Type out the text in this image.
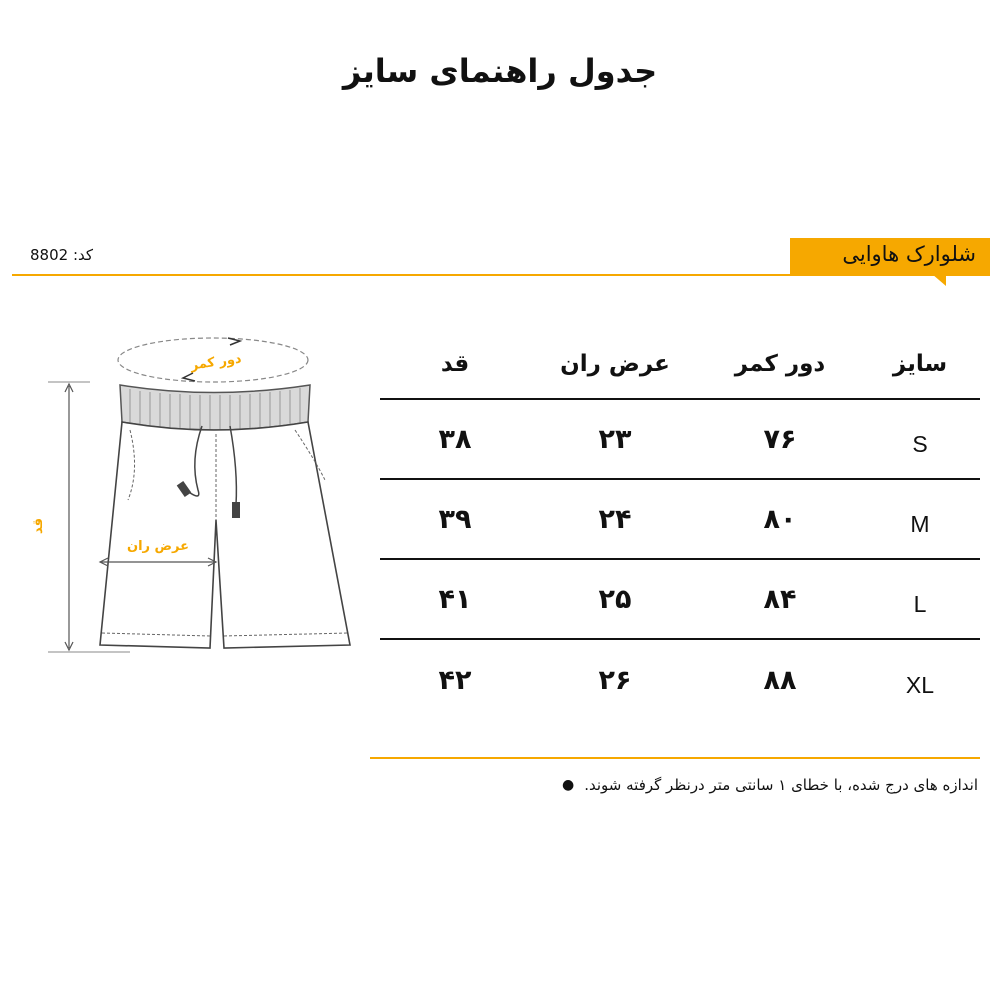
جدول راهنمای سایز
کد: 8802	شلوارک هاوایی
دور کمر
عرض ران
قد
سایز
دور کمر
عرض ران
قد
S
۷۶
۲۳
۳۸
M
۸۰
۲۴
۳۹
L
۸۴
۲۵
۴۱
XL
۸۸
۲۶
۴۲
اندازه های درج شده، با خطای ۱ سانتی متر درنظر گرفته شوند.
●
